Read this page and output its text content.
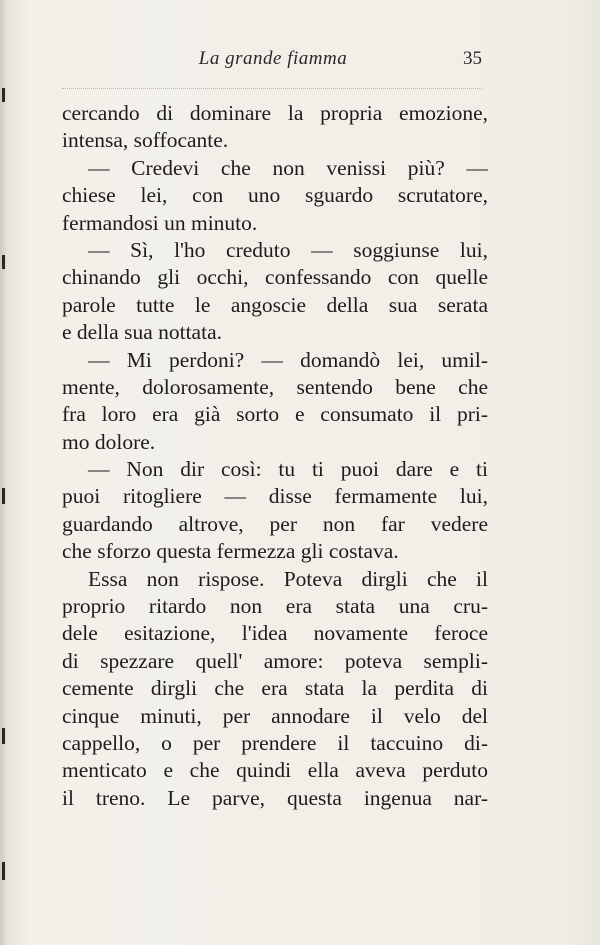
La grande fiamma	35
cercando di dominare la propria emozione,
intensa, soffocante.
— Credevi che non venissi più? —
chiese lei, con uno sguardo scrutatore,
fermandosi un minuto.
— Sì, l'ho creduto — soggiunse lui,
chinando gli occhi, confessando con quelle
parole tutte le angoscie della sua serata
e della sua nottata.
— Mi perdoni? — domandò lei, umil-
mente, dolorosamente, sentendo bene che
fra loro era già sorto e consumato il pri-
mo dolore.
— Non dir così: tu ti puoi dare e ti
puoi ritogliere — disse fermamente lui,
guardando altrove, per non far vedere
che sforzo questa fermezza gli costava.
Essa non rispose. Poteva dirgli che il
proprio ritardo non era stata una cru-
dele esitazione, l'idea novamente feroce
di spezzare quell' amore: poteva sempli-
cemente dirgli che era stata la perdita di
cinque minuti, per annodare il velo del
cappello, o per prendere il taccuino di-
menticato e che quindi ella aveva perduto
il treno. Le parve, questa ingenua nar-
